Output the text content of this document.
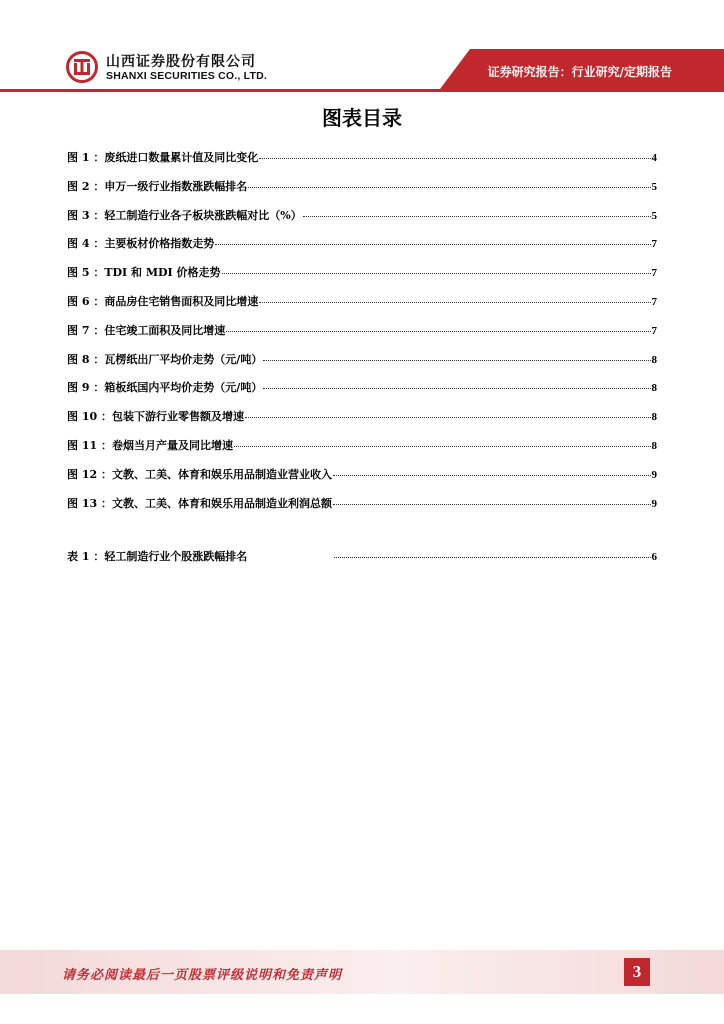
山西证券股份有限公司
SHANXI SECURITIES CO., LTD.	证券研究报告：行业研究/定期报告
图表目录
图 1 ：废纸进口数量累计值及同比变化	4
图 2 ：申万一级行业指数涨跌幅排名	5
图 3 ：轻工制造行业各子板块涨跌幅对比（%）	5
图 4 ：主要板材价格指数走势	7
图 5 ：TDI 和 MDI 价格走势	7
图 6 ：商品房住宅销售面积及同比增速	7
图 7 ：住宅竣工面积及同比增速	7
图 8 ：瓦楞纸出厂平均价走势（元/吨）	8
图 9 ：箱板纸国内平均价走势（元/吨）	8
图 10 ：包装下游行业零售额及增速	8
图 11 ：卷烟当月产量及同比增速	8
图 12 ：文教、工美、体育和娱乐用品制造业营业收入	9
图 13 ：文教、工美、体育和娱乐用品制造业利润总额	9
表 1 ：轻工制造行业个股涨跌幅排名	6
请务必阅读最后一页股票评级说明和免责声明	3
